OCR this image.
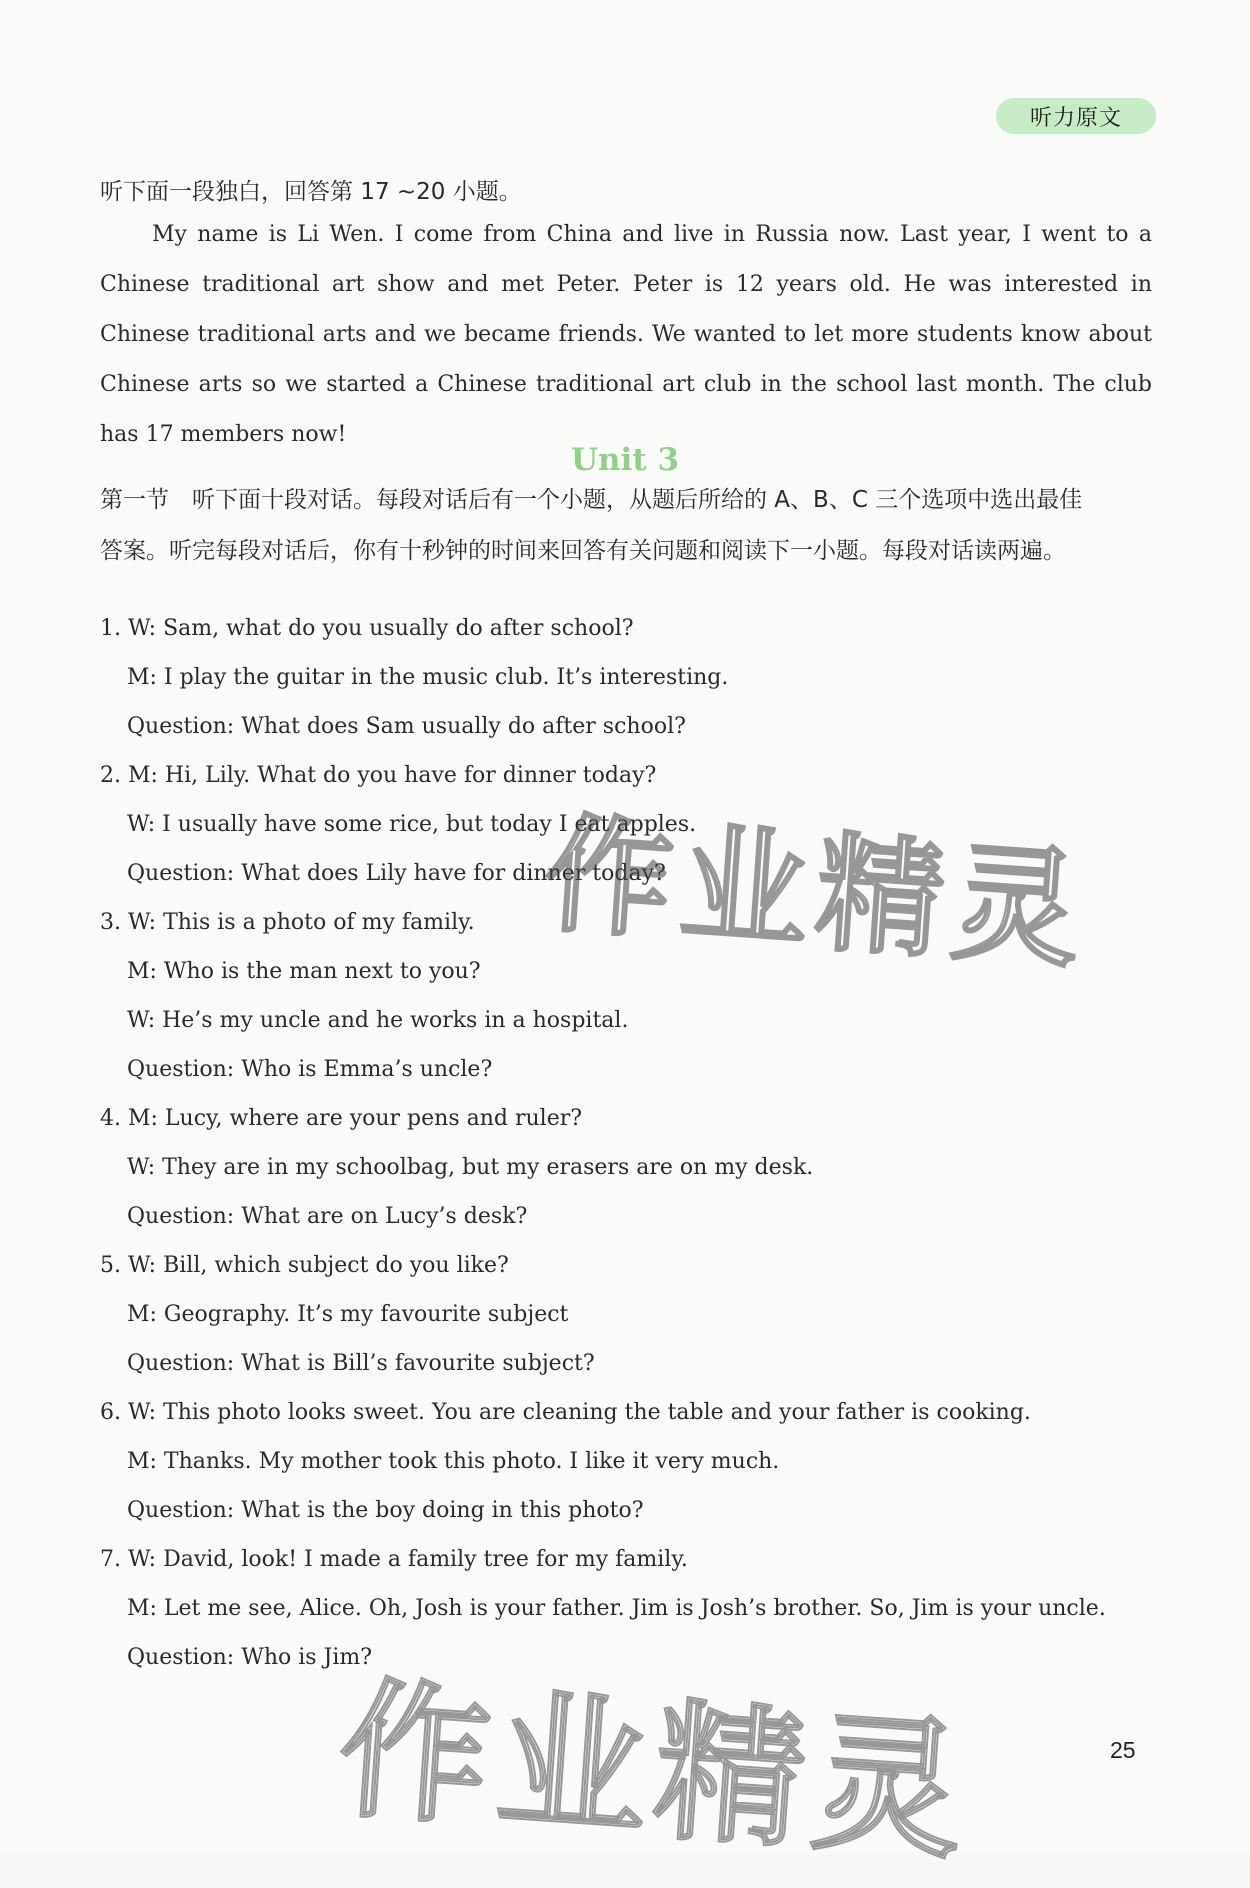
听力原文
听下面一段独白，回答第 17 ~20 小题。
My name is Li Wen. I come from China and live in Russia now. Last year, I went to a Chinese traditional art show and met Peter. Peter is 12 years old. He was interested in Chinese traditional arts and we became friends. We wanted to let more students know about Chinese arts so we started a Chinese traditional art club in the school last month. The club has 17 members now!
Unit 3
第一节　听下面十段对话。每段对话后有一个小题，从题后所给的 A、B、C 三个选项中选出最佳
答案。听完每段对话后，你有十秒钟的时间来回答有关问题和阅读下一小题。每段对话读两遍。
1. W: Sam, what do you usually do after school?
M: I play the guitar in the music club. It’s interesting.
Question: What does Sam usually do after school?
2. M: Hi, Lily. What do you have for dinner today?
W: I usually have some rice, but today I eat apples.
Question: What does Lily have for dinner today?
3. W: This is a photo of my family.
M: Who is the man next to you?
W: He’s my uncle and he works in a hospital.
Question: Who is Emma’s uncle?
4. M: Lucy, where are your pens and ruler?
W: They are in my schoolbag, but my erasers are on my desk.
Question: What are on Lucy’s desk?
5. W: Bill, which subject do you like?
M: Geography. It’s my favourite subject
Question: What is Bill’s favourite subject?
6. W: This photo looks sweet. You are cleaning the table and your father is cooking.
M: Thanks. My mother took this photo. I like it very much.
Question: What is the boy doing in this photo?
7. W: David, look! I made a family tree for my family.
M: Let me see, Alice. Oh, Josh is your father. Jim is Josh’s brother. So, Jim is your uncle.
Question: Who is Jim?
25
作业精灵
作业精灵
